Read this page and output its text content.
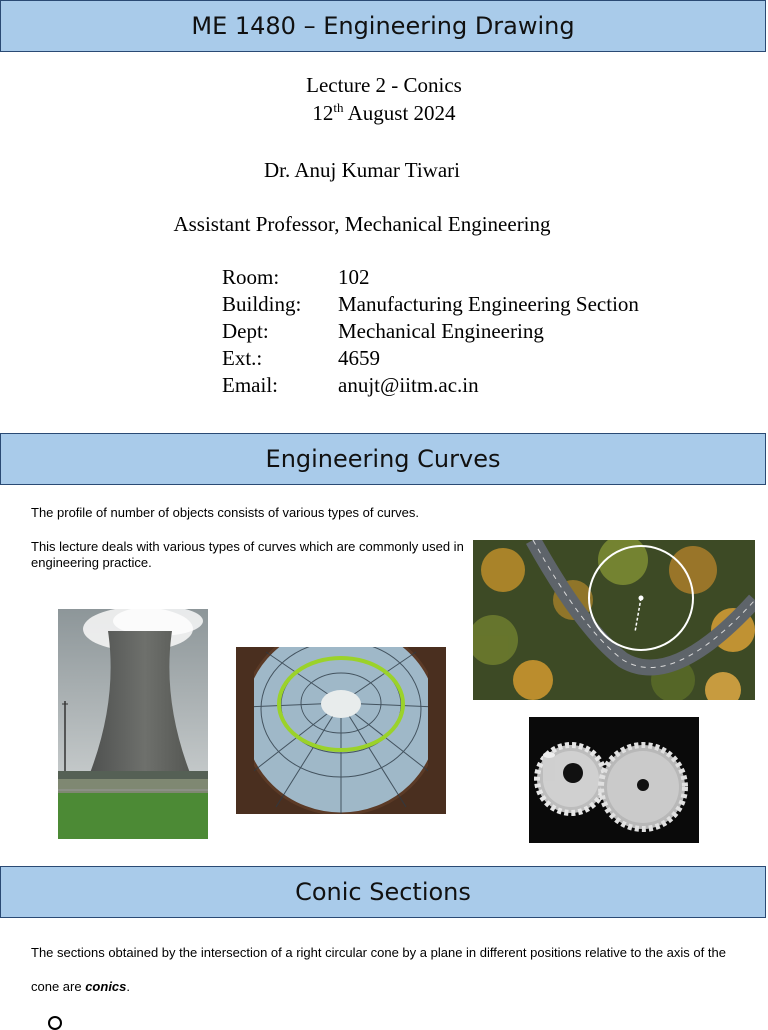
ME 1480 – Engineering Drawing
Lecture 2 - Conics
12th August 2024
Dr. Anuj Kumar Tiwari
Assistant Professor, Mechanical Engineering
Room:	102
Building: Manufacturing Engineering Section
Dept:	Mechanical Engineering
Ext.:	4659
Email:	anujt@iitm.ac.in
Engineering Curves
The profile of number of objects consists of various types of curves.
This lecture deals with various types of curves which are commonly used in engineering practice.
Conic Sections
The sections obtained by the intersection of a right circular cone by a plane in different positions relative to the axis of the cone are conics.
